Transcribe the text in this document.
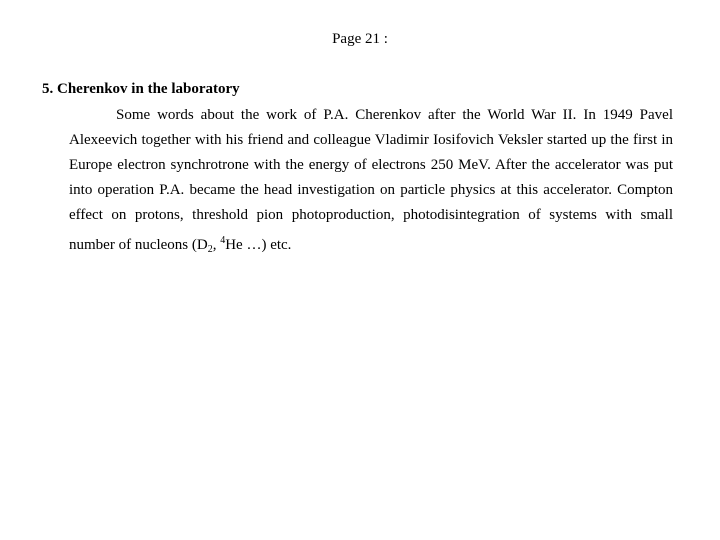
Page 21 :
5. Cherenkov in the laboratory

Some words about the work of P.A. Cherenkov after the World War II. In 1949 Pavel Alexeevich together with his friend and colleague Vladimir Iosifovich Veksler started up the first in Europe electron synchrotrone with the energy of electrons 250 MeV. After the accelerator was put into operation P.A. became the head investigation on particle physics at this accelerator. Compton effect on protons, threshold pion photoproduction, photodisintegration of systems with small number of nucleons ($D_2$, $^4$He …) etc.
